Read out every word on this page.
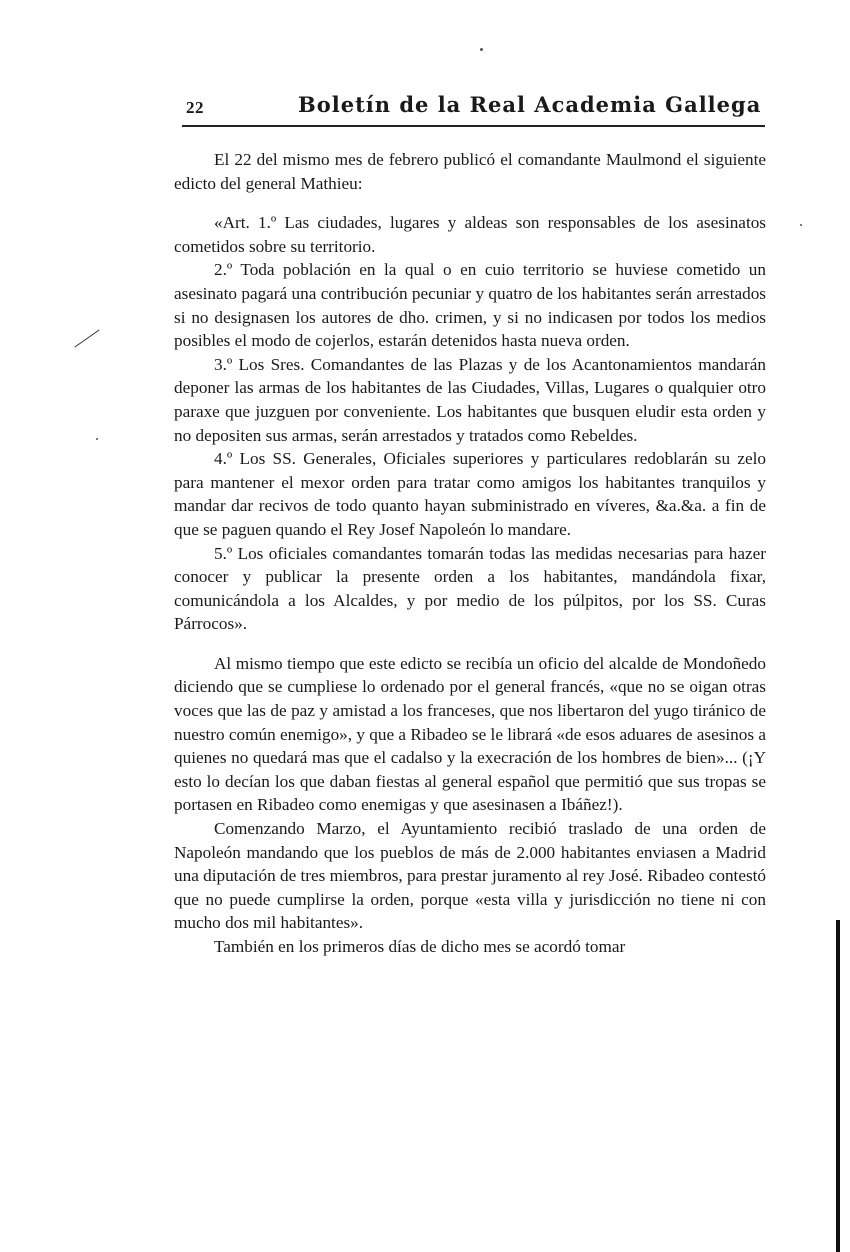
22	Boletín de la Real Academia Gallega

El 22 del mismo mes de febrero publicó el comandante Maulmond el siguiente edicto del general Mathieu:

«Art. 1.º Las ciudades, lugares y aldeas son responsables de los asesinatos cometidos sobre su territorio.

2.º Toda población en la qual o en cuio territorio se huviese cometido un asesinato pagará una contribución pecuniar y quatro de los habitantes serán arrestados si no designasen los autores de dho. crimen, y si no indicasen por todos los medios posibles el modo de cojerlos, estarán detenidos hasta nueva orden.

3.º Los Sres. Comandantes de las Plazas y de los Acantonamientos mandarán deponer las armas de los habitantes de las Ciudades, Villas, Lugares o qualquier otro paraxe que juzguen por conveniente. Los habitantes que busquen eludir esta orden y no depositen sus armas, serán arrestados y tratados como Rebeldes.

4.º Los SS. Generales, Oficiales superiores y particulares redoblarán su zelo para mantener el mexor orden para tratar como amigos los habitantes tranquilos y mandar dar recivos de todo quanto hayan subministrado en víveres, &a.&a. a fin de que se paguen quando el Rey Josef Napoleón lo mandare.

5.º Los oficiales comandantes tomarán todas las medidas necesarias para hazer conocer y publicar la presente orden a los habitantes, mandándola fixar, comunicándola a los Alcaldes, y por medio de los púlpitos, por los SS. Curas Párrocos».

Al mismo tiempo que este edicto se recibía un oficio del alcalde de Mondoñedo diciendo que se cumpliese lo ordenado por el general francés, «que no se oigan otras voces que las de paz y amistad a los franceses, que nos libertaron del yugo tiránico de nuestro común enemigo», y que a Ribadeo se le librará «de esos aduares de asesinos a quienes no quedará mas que el cadalso y la execración de los hombres de bien»... (¡Y esto lo decían los que daban fiestas al general español que permitió que sus tropas se portasen en Ribadeo como enemigas y que asesinasen a Ibáñez!).

Comenzando Marzo, el Ayuntamiento recibió traslado de una orden de Napoleón mandando que los pueblos de más de 2.000 habitantes enviasen a Madrid una diputación de tres miembros, para prestar juramento al rey José. Ribadeo contestó que no puede cumplirse la orden, porque «esta villa y jurisdicción no tiene ni con mucho dos mil habitantes».

También en los primeros días de dicho mes se acordó tomar
